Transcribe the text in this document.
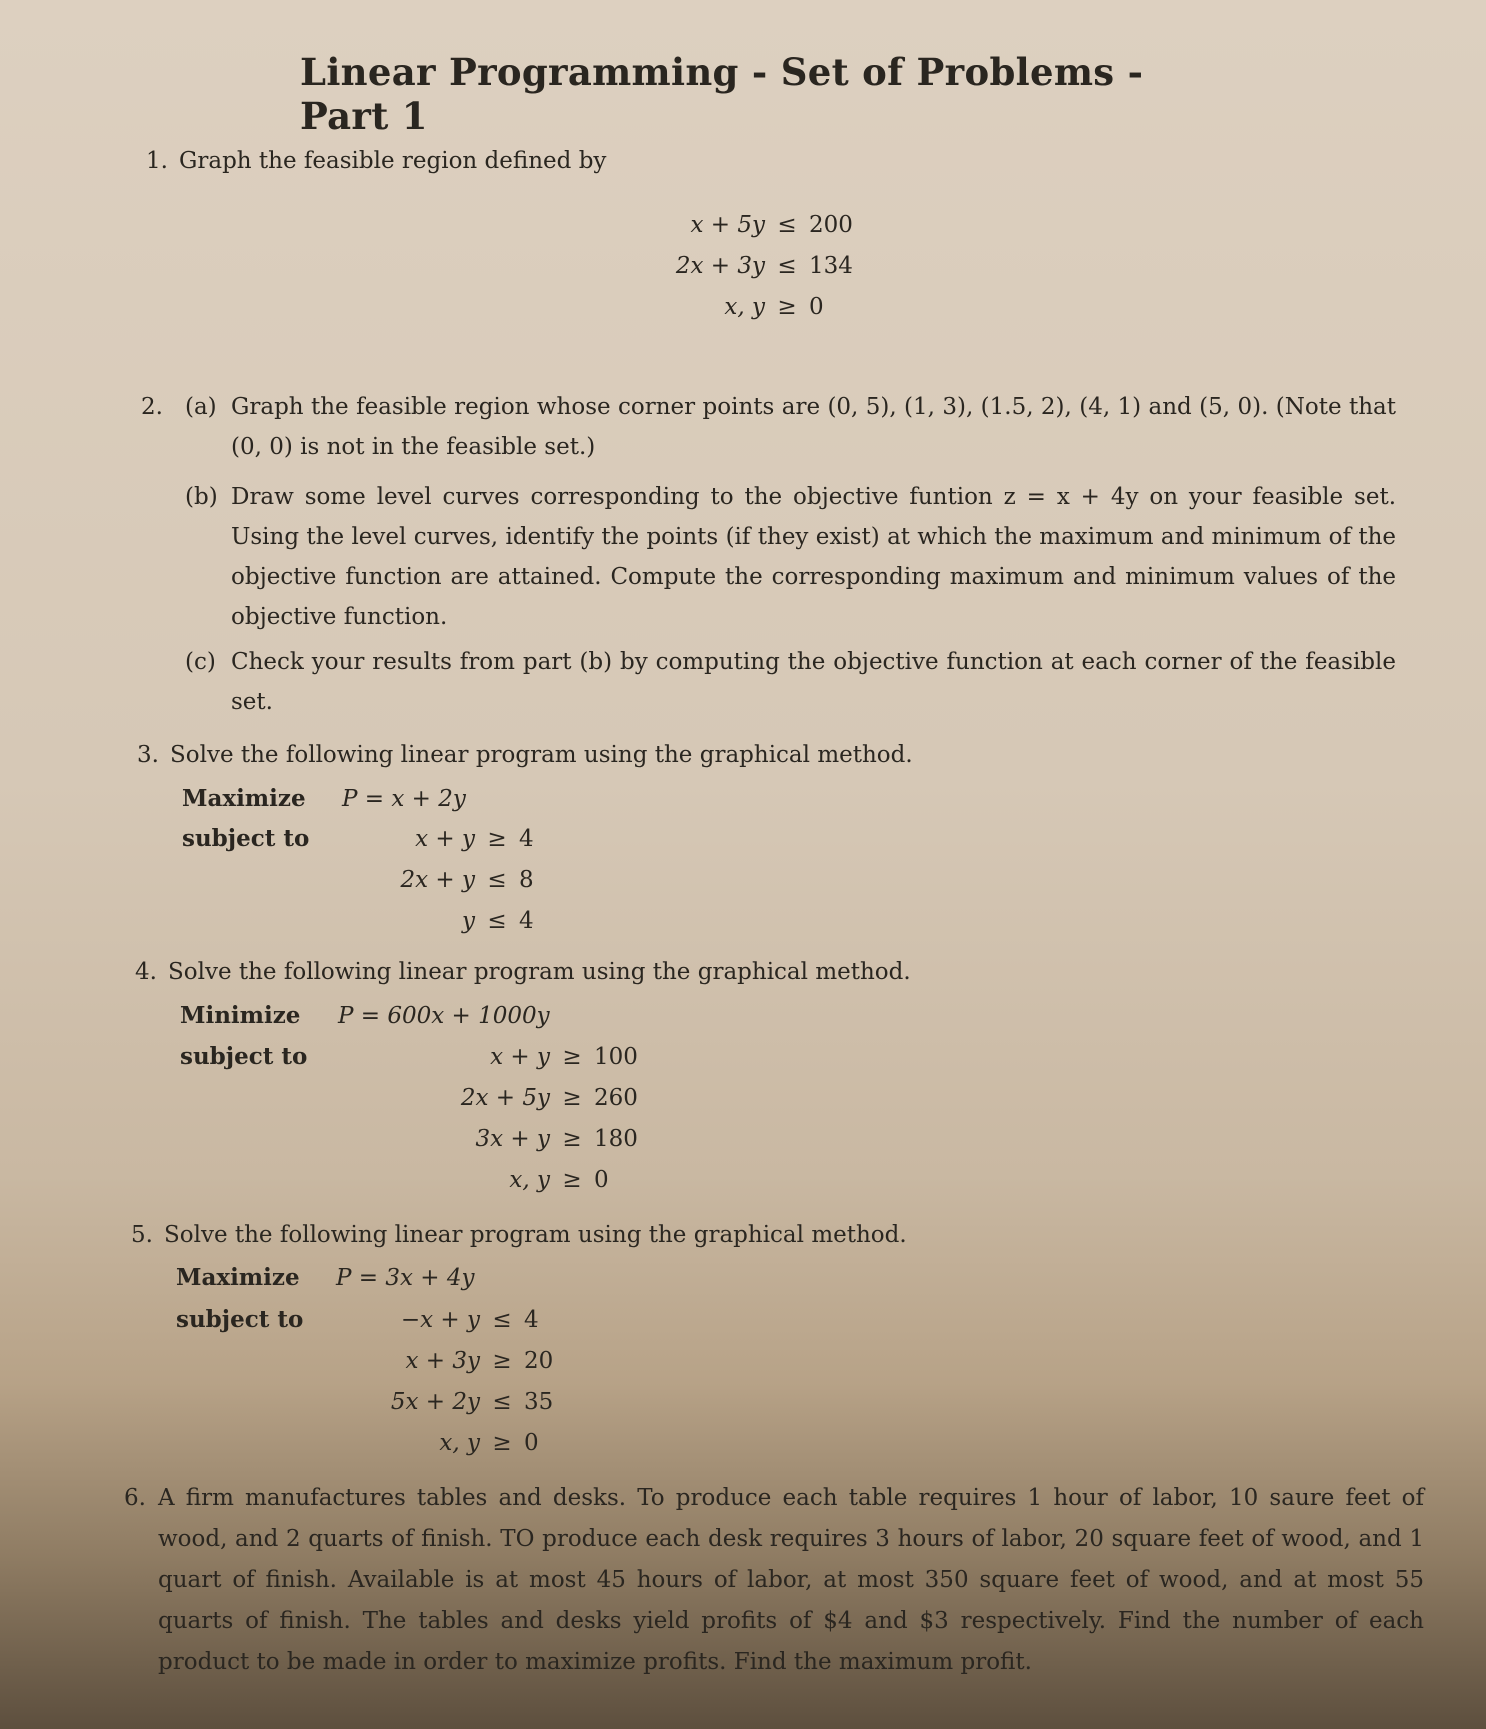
Linear Programming - Set of Problems - Part 1
1. Graph the feasible region defined by
x + 5y	≤	200
2x + 3y	≤	134
x, y	≥	0
2. (a) Graph the feasible region whose corner points are (0, 5), (1, 3), (1.5, 2), (4, 1) and (5, 0). (Note that (0, 0) is not in the feasible set.)
(b) Draw some level curves corresponding to the objective funtion z = x + 4y on your feasible set. Using the level curves, identify the points (if they exist) at which the maximum and minimum of the objective function are attained. Compute the corresponding maximum and minimum values of the objective function.
(c) Check your results from part (b) by computing the objective function at each corner of the feasible set.
3. Solve the following linear program using the graphical method.
Maximize P = x + 2y
subject to	x + y	≥	4
2x + y	≤	8
y	≤	4
4. Solve the following linear program using the graphical method.
Minimize P = 600x + 1000y
subject to	x + y	≥	100
2x + 5y	≥	260
3x + y	≥	180
x, y	≥	0
5. Solve the following linear program using the graphical method.
Maximize P = 3x + 4y
subject to	−x + y	≤	4
x + 3y	≥	20
5x + 2y	≤	35
x, y	≥	0
6. A firm manufactures tables and desks. To produce each table requires 1 hour of labor, 10 saure feet of wood, and 2 quarts of finish. TO produce each desk requires 3 hours of labor, 20 square feet of wood, and 1 quart of finish. Available is at most 45 hours of labor, at most 350 square feet of wood, and at most 55 quarts of finish. The tables and desks yield profits of $4 and $3 respectively. Find the number of each product to be made in order to maximize profits. Find the maximum profit.
